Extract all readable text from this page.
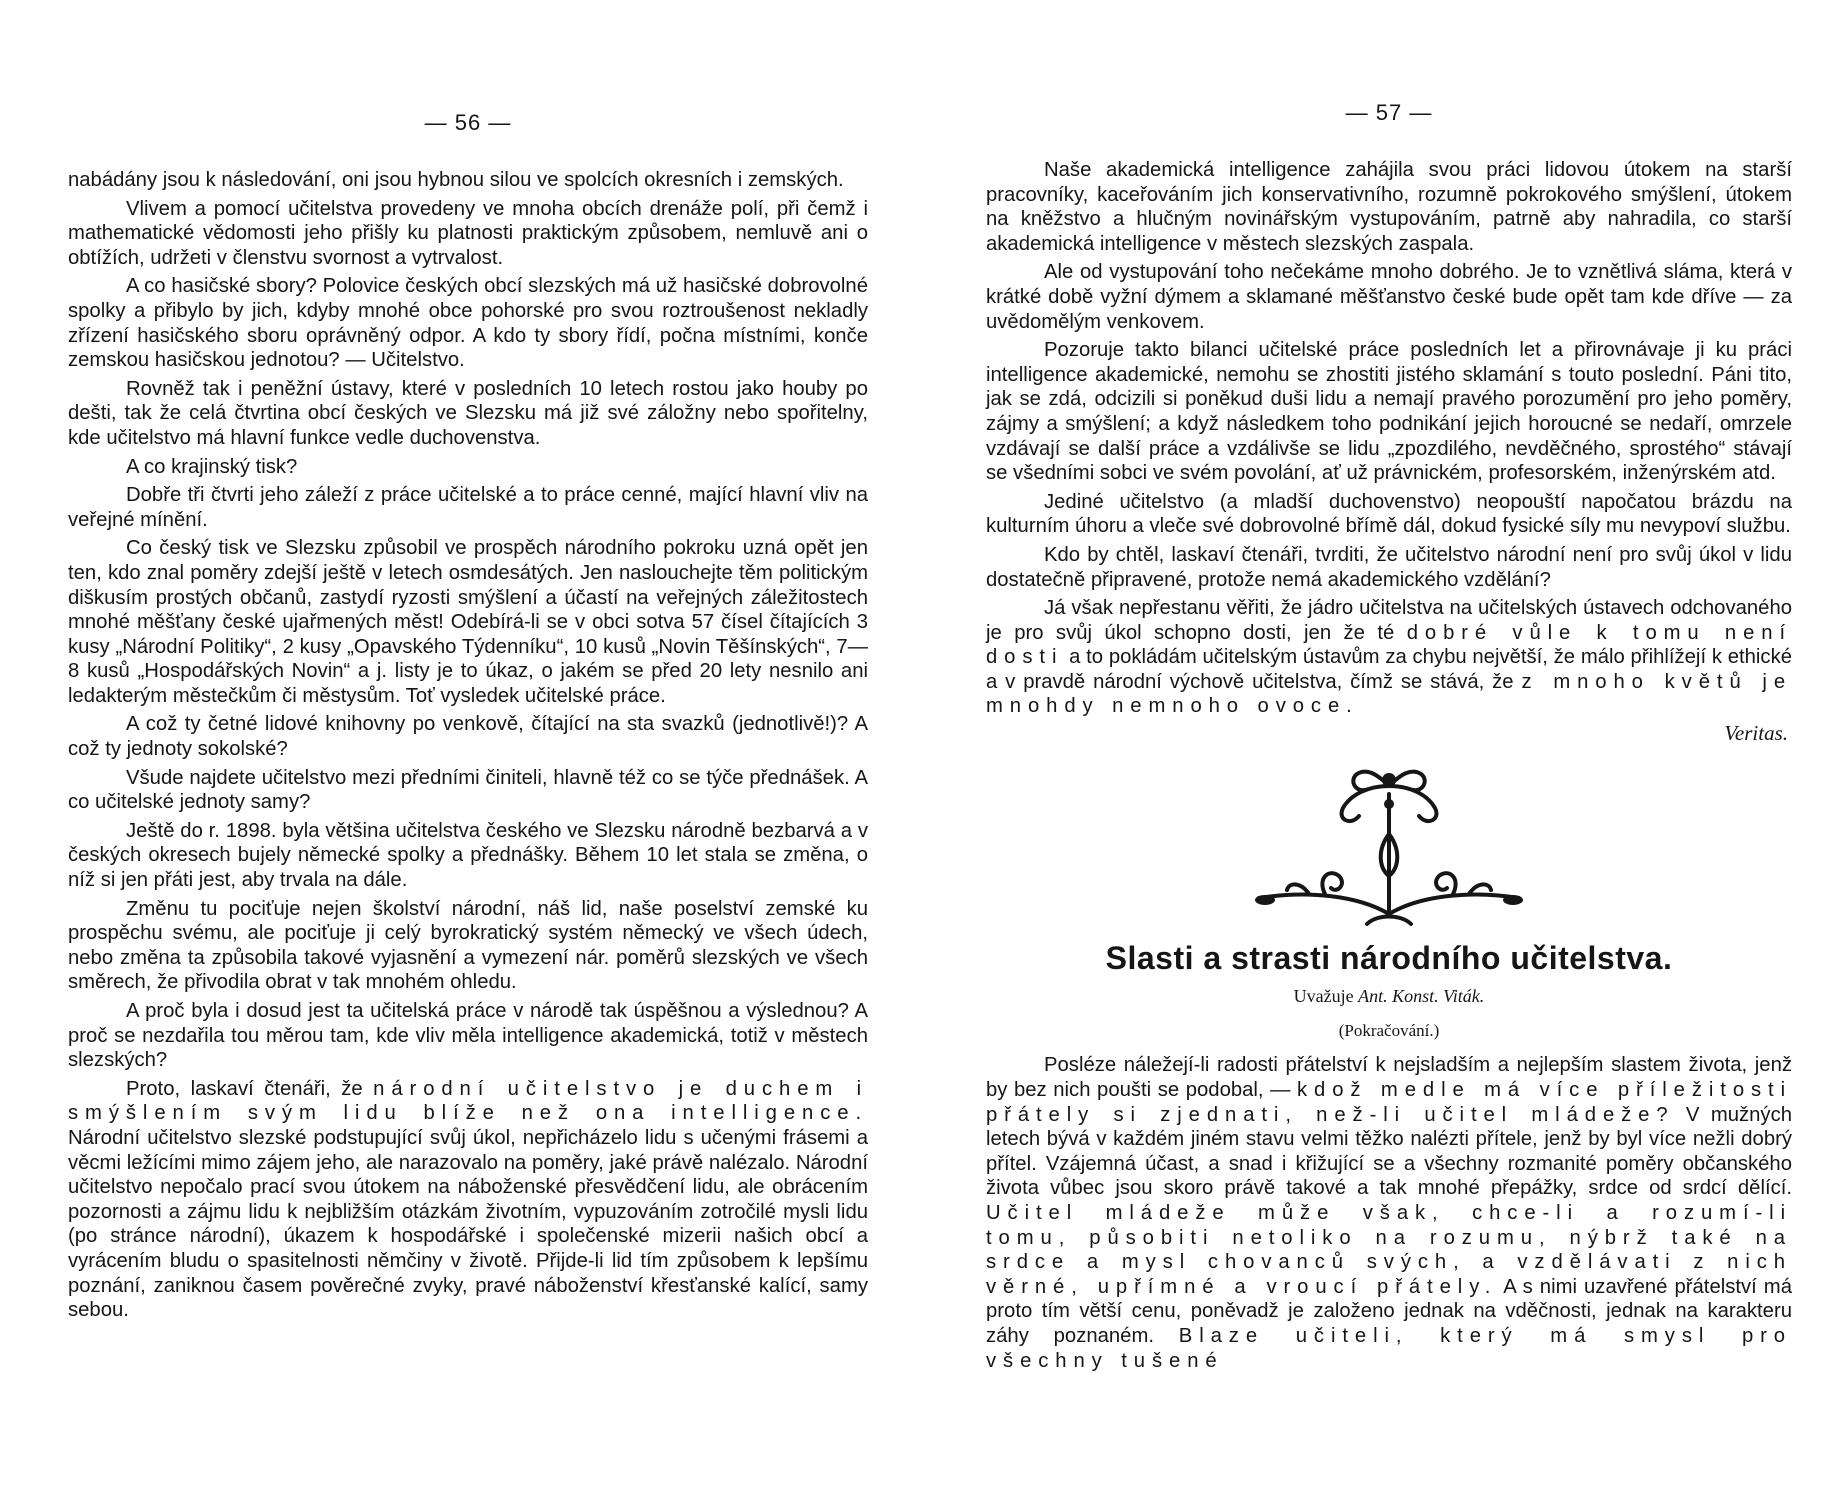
— 56 —

nabádány jsou k následování, oni jsou hybnou silou ve spolcích okresních i zemských.

Vlivem a pomocí učitelstva provedeny ve mnoha obcích drenáže polí, při čemž i mathematické vědomosti jeho přišly ku platnosti praktickým způsobem, nemluvě ani o obtížích, udržeti v členstvu svornost a vytrvalost.

A co hasičské sbory? Polovice českých obcí slezských má už hasičské dobrovolné spolky a přibylo by jich, kdyby mnohé obce pohorské pro svou roztroušenost nekladly zřízení hasičského sboru oprávněný odpor. A kdo ty sbory řídí, počna místními, konče zemskou hasičskou jednotou? — Učitelstvo.

Rovněž tak i peněžní ústavy, které v posledních 10 letech rostou jako houby po dešti, tak že celá čtvrtina obcí českých ve Slezsku má již své záložny nebo spořitelny, kde učitelstvo má hlavní funkce vedle duchovenstva.

A co krajinský tisk?

Dobře tři čtvrti jeho záleží z práce učitelské a to práce cenné, mající hlavní vliv na veřejné mínění.

Co český tisk ve Slezsku způsobil ve prospěch národního pokroku uzná opět jen ten, kdo znal poměry zdejší ještě v letech osmdesátých. Jen naslouchejte těm politickým diškusím prostých občanů, zastydí ryzosti smýšlení a účastí na veřejných záležitostech mnohé měšťany české ujařmených měst! Odebírá-li se v obci sotva 57 čísel čítajících 3 kusy „Národní Politiky“, 2 kusy „Opavského Týdenníku“, 10 kusů „Novin Těšínských“, 7—8 kusů „Hospodářských Novin“ a j. listy je to úkaz, o jakém se před 20 lety nesnilo ani ledakterým městečkům či městysům. Toť vysledek učitelské práce.

A což ty četné lidové knihovny po venkově, čítající na sta svazků (jednotlivě!)? A což ty jednoty sokolské?

Všude najdete učitelstvo mezi předními činiteli, hlavně též co se týče přednášek. A co učitelské jednoty samy?

Ještě do r. 1898. byla většina učitelstva českého ve Slezsku národně bezbarvá a v českých okresech bujely německé spolky a přednášky. Během 10 let stala se změna, o níž si jen přáti jest, aby trvala na dále.

Změnu tu pociťuje nejen školství národní, náš lid, naše poselství zemské ku prospěchu svému, ale pociťuje ji celý byrokratický systém německý ve všech údech, nebo změna ta způsobila takové vyjasnění a vymezení nár. poměrů slezských ve všech směrech, že přivodila obrat v tak mnohém ohledu.

A proč byla i dosud jest ta učitelská práce v národě tak úspěšnou a výslednou? A proč se nezdařila tou měrou tam, kde vliv měla intelligence akademická, totiž v městech slezských?

Proto, laskaví čtenáři, že národní učitelstvo je duchem i smýšlením svým lidu blíže než ona intelligence. Národní učitelstvo slezské podstupující svůj úkol, nepřicházelo lidu s učenými frásemi a věcmi ležícími mimo zájem jeho, ale narazovalo na poměry, jaké právě nalézalo. Národní učitelstvo nepočalo prací svou útokem na náboženské přesvědčení lidu, ale obrácením pozornosti a zájmu lidu k nejbližším otázkám životním, vypuzováním zotročilé mysli lidu (po stránce národní), úkazem k hospodářské i společenské mizerii našich obcí a vyrácením bludu o spasitelnosti němčiny v životě. Přijde-li lid tím způsobem k lepšímu poznání, zaniknou časem pověrečné zvyky, pravé náboženství křesťanské kalící, samy sebou.

— 57 —

Naše akademická intelligence zahájila svou práci lidovou útokem na starší pracovníky, kaceřováním jich konservativního, rozumně pokrokového smýšlení, útokem na kněžstvo a hlučným novinářským vystupováním, patrně aby nahradila, co starší akademická intelligence v městech slezských zaspala.

Ale od vystupování toho nečekáme mnoho dobrého. Je to vznětlivá sláma, která v krátké době vyžní dýmem a sklamané měšťanstvo české bude opět tam kde dříve — za uvědomělým venkovem.

Pozoruje takto bilanci učitelské práce posledních let a přirovnávaje ji ku práci intelligence akademické, nemohu se zhostiti jistého sklamání s touto poslední. Páni tito, jak se zdá, odcizili si poněkud duši lidu a nemají pravého porozumění pro jeho poměry, zájmy a smýšlení; a když následkem toho podnikání jejich horoucné se nedaří, omrzele vzdávají se další práce a vzdálivše se lidu „zpozdilého, nevděčného, sprostého“ stávají se všedními sobci ve svém povolání, ať už právnickém, profesorském, inženýrském atd.

Jediné učitelstvo (a mladší duchovenstvo) neopouští napočatou brázdu na kulturním úhoru a vleče své dobrovolné břímě dál, dokud fysické síly mu nevypoví službu.

Kdo by chtěl, laskaví čtenáři, tvrditi, že učitelstvo národní není pro svůj úkol v lidu dostatečně připravené, protože nemá akademického vzdělání?

Já však nepřestanu věřiti, že jádro učitelstva na učitelských ústavech odchovaného je pro svůj úkol schopno dosti, jen že té dobré vůle k tomu není dosti a to pokládám učitelským ústavům za chybu největší, že málo přihlížejí k ethické a v pravdě národní výchově učitelstva, čímž se stává, že z mnoho květů je mnohdy nemnoho ovoce.

Veritas.
Slasti a strasti národního učitelstva.
Uvažuje Ant. Konst. Viták.
(Pokračování.)

Posléze náležejí-li radosti přátelství k nejsladším a nejlepším slastem života, jenž by bez nich poušti se podobal, — kdož medle má více příležitosti přátely si zjednati, než-li učitel mládeže? V mužných letech bývá v každém jiném stavu velmi těžko nalézti přítele, jenž by byl více nežli dobrý přítel. Vzájemná účast, a snad i křižující se a všechny rozmanité poměry občanského života vůbec jsou skoro právě takové a tak mnohé přepážky, srdce od srdcí dělící. Učitel mládeže může však, chce-li a rozumí-li tomu, působiti netoliko na rozumu, nýbrž také na srdce a mysl chovanců svých, a vzdělávati z nich věrné, upřímné a vroucí přátely. A s nimi uzavřené přátelství má proto tím větší cenu, poněvadž je založeno jednak na vděčnosti, jednak na karakteru záhy poznaném. Blaze učiteli, který má smysl pro všechny tušené
